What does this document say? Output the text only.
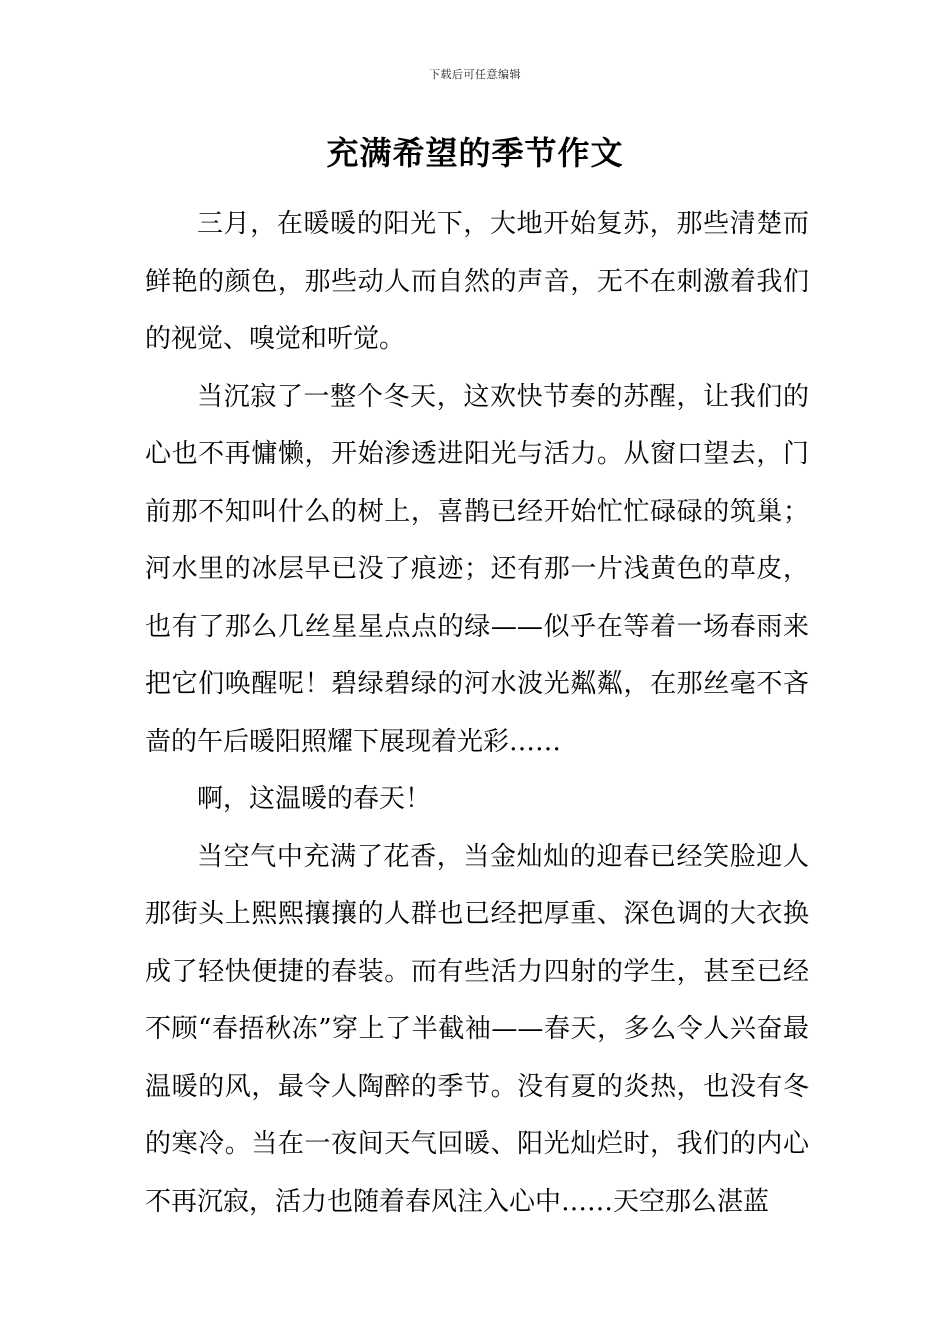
下载后可任意编辑
充满希望的季节作文

三月，在暖暖的阳光下，大地开始复苏，那些清楚而鲜艳的颜色，那些动人而自然的声音，无不在刺激着我们的视觉、嗅觉和听觉。

当沉寂了一整个冬天，这欢快节奏的苏醒，让我们的心也不再慵懒，开始渗透进阳光与活力。从窗口望去，门前那不知叫什么的树上，喜鹊已经开始忙忙碌碌的筑巢；河水里的冰层早已没了痕迹；还有那一片浅黄色的草皮，也有了那么几丝星星点点的绿——似乎在等着一场春雨来把它们唤醒呢！碧绿碧绿的河水波光粼粼，在那丝毫不吝啬的午后暖阳照耀下展现着光彩……

啊，这温暖的春天！

当空气中充满了花香，当金灿灿的迎春已经笑脸迎人那街头上熙熙攘攘的人群也已经把厚重、深色调的大衣换成了轻快便捷的春装。而有些活力四射的学生，甚至已经不顾“春捂秋冻”穿上了半截袖——春天，多么令人兴奋最温暖的风，最令人陶醉的季节。没有夏的炎热，也没有冬的寒冷。当在一夜间天气回暖、阳光灿烂时，我们的内心不再沉寂，活力也随着春风注入心中……天空那么湛蓝
